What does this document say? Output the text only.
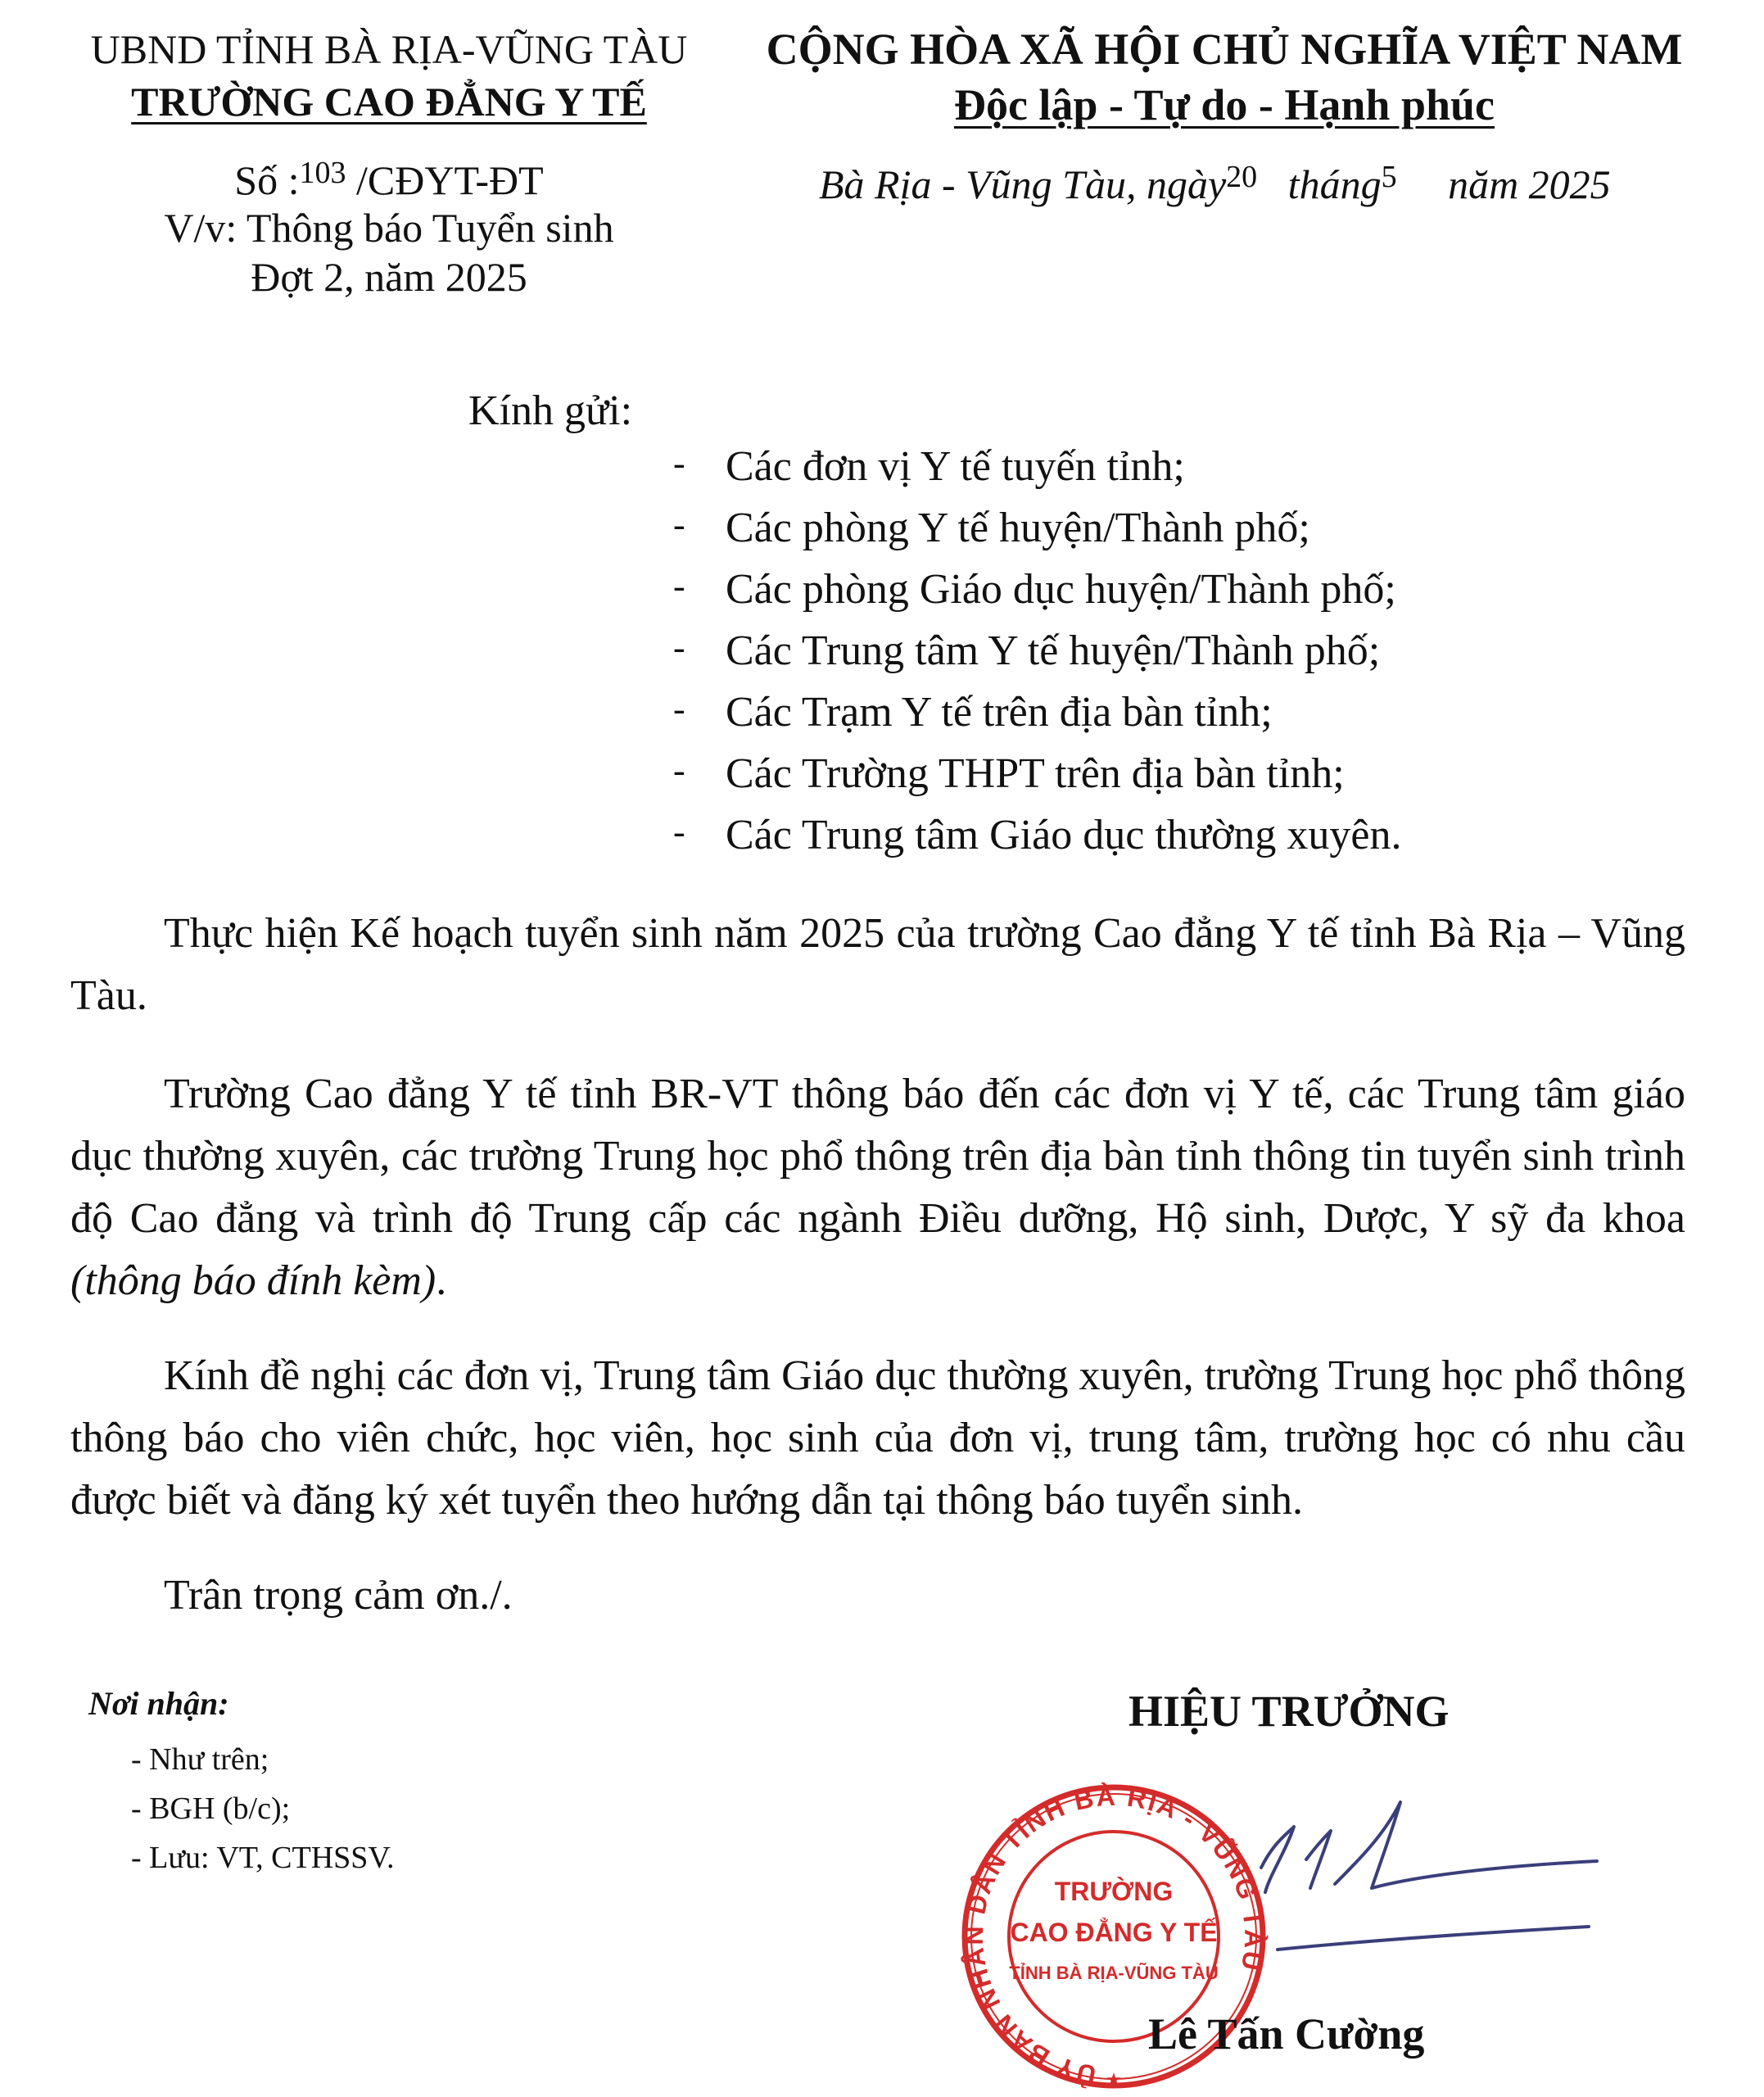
UBND TỈNH BÀ RỊA-VŨNG TÀU
TRƯỜNG CAO ĐẲNG Y TẾ
Số :$^{103}$ /CĐYT-ĐT
V/v: Thông báo Tuyển sinh
Đợt 2, năm 2025
CỘNG HÒA XÃ HỘI CHỦ NGHĨA VIỆT NAM
Độc lập - Tự do - Hạnh phúc
Bà Rịa - Vũng Tàu, ngày$^{20}$ tháng$^5$ năm 2025
Kính gửi:
- Các đơn vị Y tế tuyến tỉnh;
- Các phòng Y tế huyện/Thành phố;
- Các phòng Giáo dục huyện/Thành phố;
- Các Trung tâm Y tế huyện/Thành phố;
- Các Trạm Y tế trên địa bàn tỉnh;
- Các Trường THPT trên địa bàn tỉnh;
- Các Trung tâm Giáo dục thường xuyên.

Thực hiện Kế hoạch tuyển sinh năm 2025 của trường Cao đẳng Y tế tỉnh Bà Rịa – Vũng Tàu.

Trường Cao đẳng Y tế tỉnh BR-VT thông báo đến các đơn vị Y tế, các Trung tâm giáo dục thường xuyên, các trường Trung học phổ thông trên địa bàn tỉnh thông tin tuyển sinh trình độ Cao đẳng và trình độ Trung cấp các ngành Điều dưỡng, Hộ sinh, Dược, Y sỹ đa khoa (thông báo đính kèm).

Kính đề nghị các đơn vị, Trung tâm Giáo dục thường xuyên, trường Trung học phổ thông thông báo cho viên chức, học viên, học sinh của đơn vị, trung tâm, trường học có nhu cầu được biết và đăng ký xét tuyển theo hướng dẫn tại thông báo tuyển sinh.

Trân trọng cảm ơn./.

Nơi nhận:
- Như trên;
- BGH (b/c);
- Lưu: VT, CTHSSV.
HIỆU TRƯỞNG
ỦY BAN NHÂN DÂN TỈNH BÀ RỊA - VŨNG TÀU
TRƯỜNG
CAO ĐẲNG Y TẾ
TỈNH BÀ RỊA-VŨNG TÀU
★
Lê Tấn Cường
